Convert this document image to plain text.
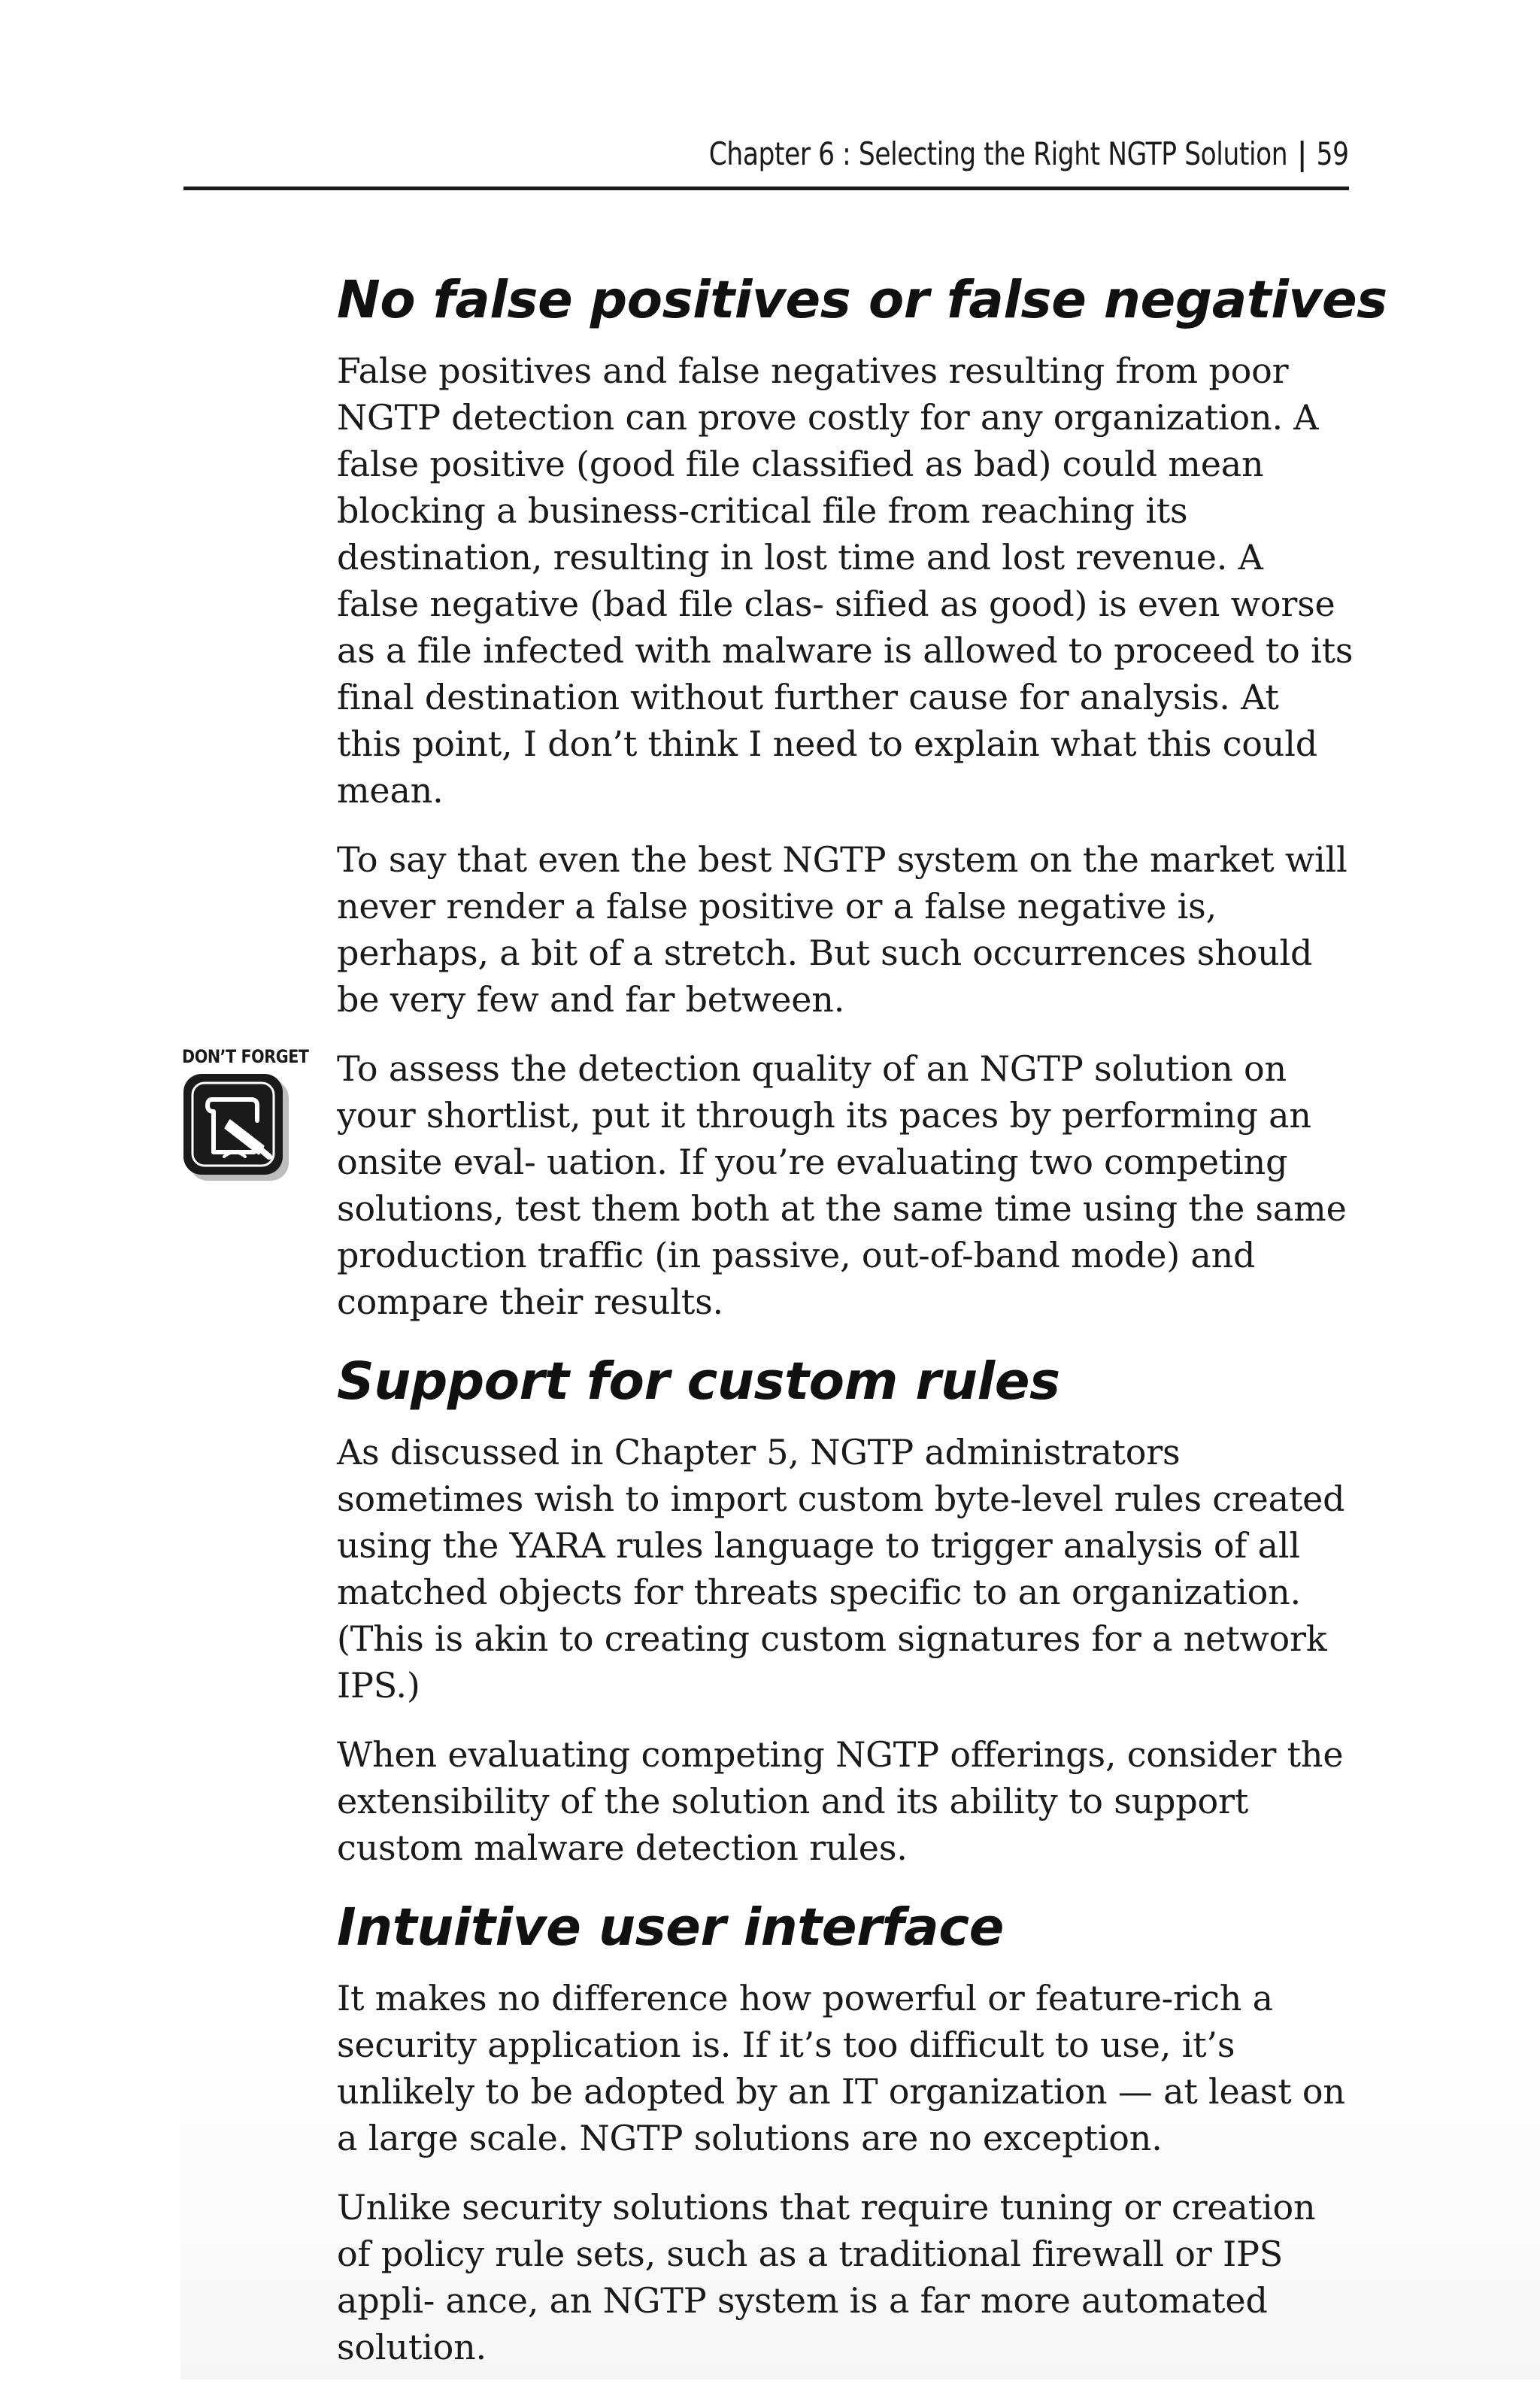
Chapter 6 : Selecting the Right NGTP Solution | 59
No false positives or false negatives

False positives and false negatives resulting from poor NGTP detection can prove costly for any organization. A false positive (good file classified as bad) could mean blocking a business-critical file from reaching its destination, resulting in lost time and lost revenue. A false negative (bad file clas- sified as good) is even worse as a file infected with malware is allowed to proceed to its final destination without further cause for analysis. At this point, I don’t think I need to explain what this could mean.

To say that even the best NGTP system on the market will never render a false positive or a false negative is, perhaps, a bit of a stretch. But such occurrences should be very few and far between.

DON’T FORGET To assess the detection quality of an NGTP solution on your shortlist, put it through its paces by performing an onsite eval- uation. If you’re evaluating two competing solutions, test them both at the same time using the same production traffic (in passive, out-of-band mode) and compare their results.

Support for custom rules

As discussed in Chapter 5, NGTP administrators sometimes wish to import custom byte-level rules created using the YARA rules language to trigger analysis of all matched objects for threats specific to an organization. (This is akin to creating custom signatures for a network IPS.)

When evaluating competing NGTP offerings, consider the extensibility of the solution and its ability to support custom malware detection rules.

Intuitive user interface

It makes no difference how powerful or feature-rich a security application is. If it’s too difficult to use, it’s unlikely to be adopted by an IT organization — at least on a large scale. NGTP solutions are no exception.

Unlike security solutions that require tuning or creation of policy rule sets, such as a traditional firewall or IPS appli- ance, an NGTP system is a far more automated solution.
